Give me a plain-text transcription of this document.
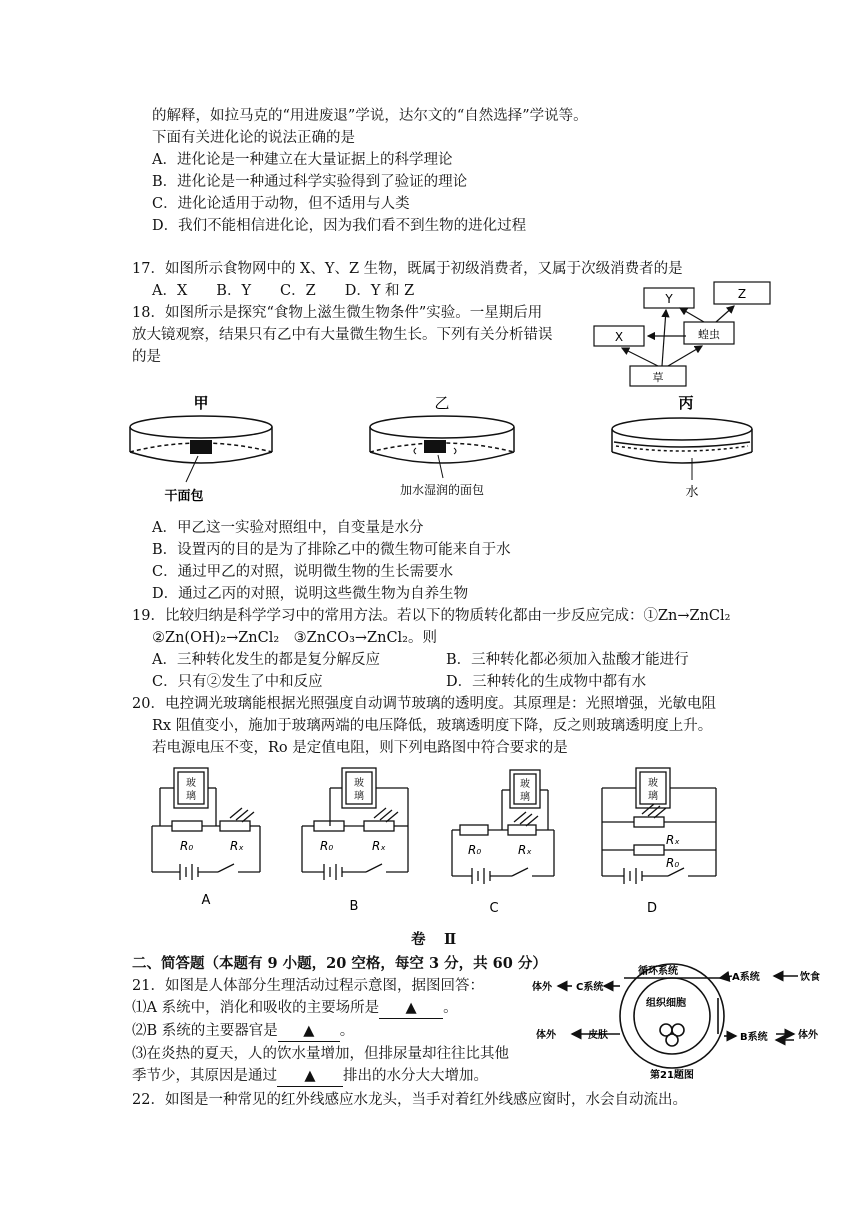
的解释，如拉马克的“用进废退”学说，达尔文的“自然选择”学说等。
下面有关进化论的说法正确的是
A．进化论是一种建立在大量证据上的科学理论
B．进化论是一种通过科学实验得到了验证的理论
C．进化论适用于动物，但不适用与人类
D．我们不能相信进化论，因为我们看不到生物的进化过程
17．如图所示食物网中的 X、Y、Z 生物，既属于初级消费者，又属于次级消费者的是
A．X　　B．Y　　C．Z　　D．Y 和 Z	Y	Z
X	蝗虫
草
18．如图所示是探究“食物上滋生微生物条件”实验。一星期后用
放大镜观察，结果只有乙中有大量微生物生长。下列有关分析错误
的是
甲	乙	丙
干面包	加水湿润的面包	水
A．甲乙这一实验对照组中，自变量是水分
B．设置丙的目的是为了排除乙中的微生物可能来自于水
C．通过甲乙的对照，说明微生物的生长需要水
D．通过乙丙的对照，说明这些微生物为自养生物
19．比较归纳是科学学习中的常用方法。若以下的物质转化都由一步反应完成：①Zn→ZnCl₂
②Zn(OH)₂→ZnCl₂　③ZnCO₃→ZnCl₂。则
A．三种转化发生的都是复分解反应	B．三种转化都必须加入盐酸才能进行
C．只有②发生了中和反应	D．三种转化的生成物中都有水
20．电控调光玻璃能根据光照强度自动调节玻璃的透明度。其原理是：光照增强，光敏电阻
Rx 阻值变小，施加于玻璃两端的电压降低，玻璃透明度下降，反之则玻璃透明度上升。
若电源电压不变，Ro 是定值电阻，则下列电路图中符合要求的是
玻
璃
玻
璃
玻
璃
玻
璃
R₀	Rₓ	R₀	Rₓ	R₀	Rₓ
Rₓ
R₀
A	B	C	D
卷　Ⅱ
二、简答题（本题有 9 小题，20 空格，每空 3 分，共 60 分）
21．如图是人体部分生理活动过程示意图，据图回答：
⑴A 系统中，消化和吸收的主要场所是 ▲ 。
⑵B 系统的主要器官是 ▲ 。
⑶在炎热的夏天，人的饮水量增加，但排尿量却往往比其他
季节少，其原因是通过 ▲ 排出的水分大大增加。
循环系统
组织细胞
A系统	饮食
C系统
体外
体外	皮肤	B系统	体外
第21题图
22．如图是一种常见的红外线感应水龙头，当手对着红外线感应窗时，水会自动流出。
